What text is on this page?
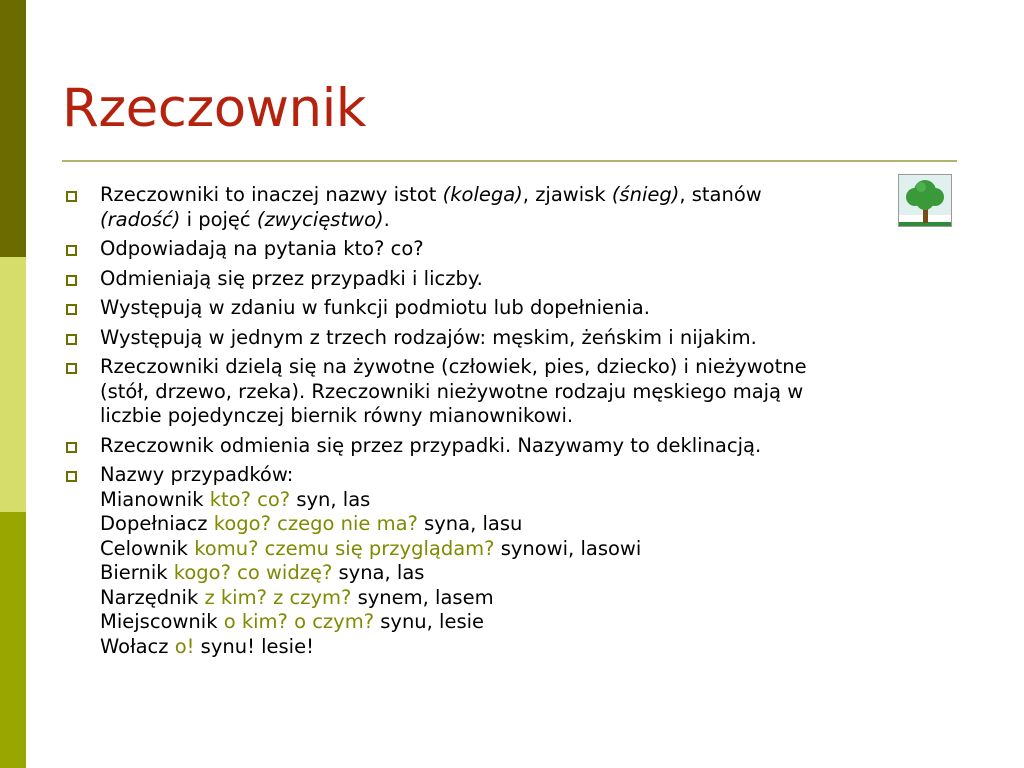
Rzeczownik
Rzeczowniki to inaczej nazwy istot (kolega), zjawisk (śnieg), stanów
(radość) i pojęć (zwycięstwo).
Odpowiadają na pytania kto? co?
Odmieniają się przez przypadki i liczby.
Występują w zdaniu w funkcji podmiotu lub dopełnienia.
Występują w jednym z trzech rodzajów: męskim, żeńskim i nijakim.
Rzeczowniki dzielą się na żywotne (człowiek, pies, dziecko) i nieżywotne
(stół, drzewo, rzeka). Rzeczowniki nieżywotne rodzaju męskiego mają w
liczbie pojedynczej biernik równy mianownikowi.
Rzeczownik odmienia się przez przypadki. Nazywamy to deklinacją.
Nazwy przypadków:
Mianownik kto? co? syn, las
Dopełniacz kogo? czego nie ma? syna, lasu
Celownik komu? czemu się przyglądam? synowi, lasowi
Biernik kogo? co widzę? syna, las
Narzędnik z kim? z czym? synem, lasem
Miejscownik o kim? o czym? synu, lesie
Wołacz o! synu! lesie!
